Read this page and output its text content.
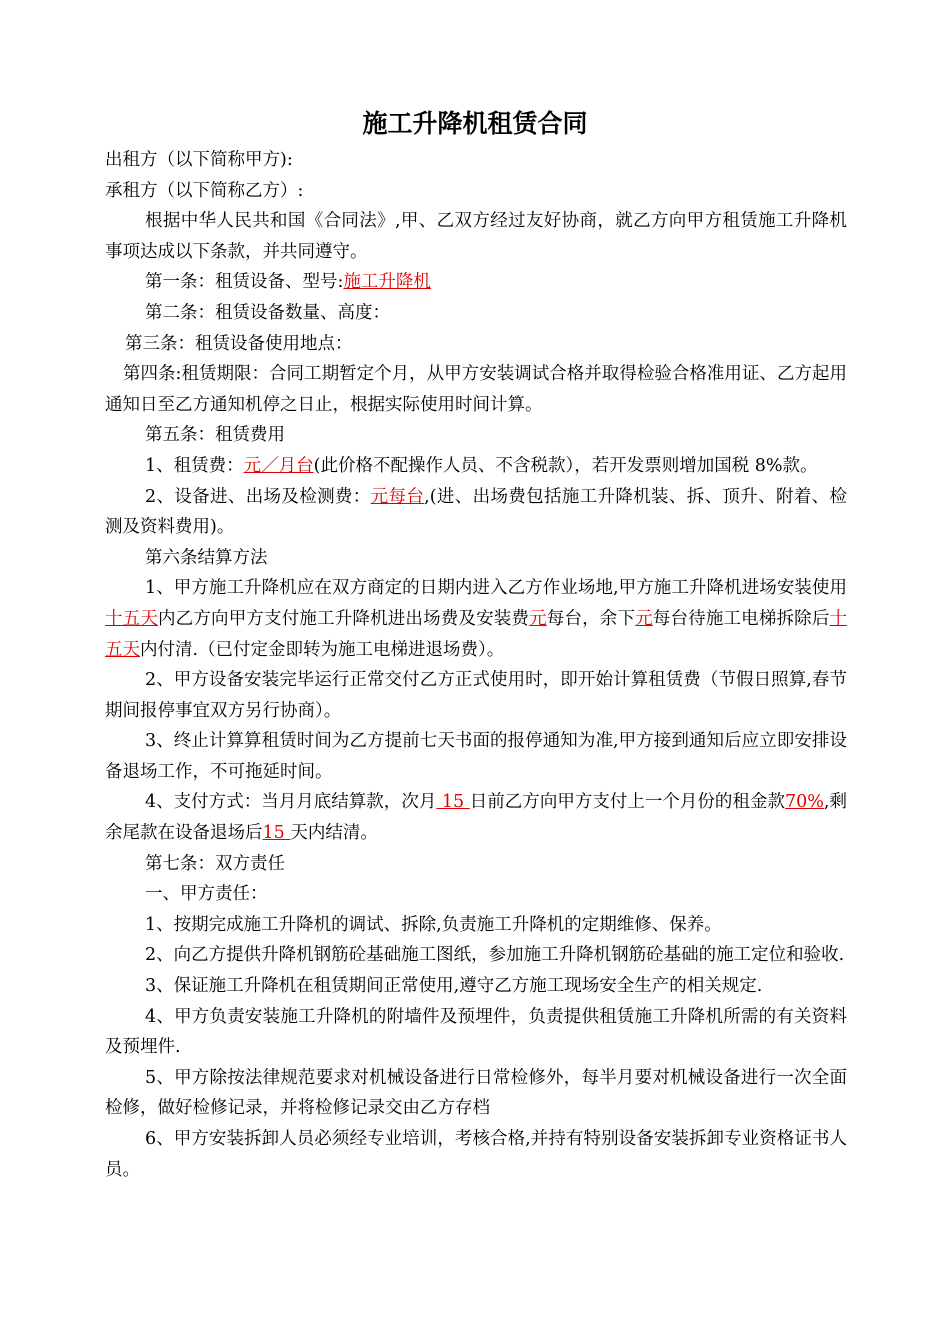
施工升降机租赁合同

出租方（以下简称甲方):

承租方（以下简称乙方）:

根据中华人民共和国《合同法》,甲、乙双方经过友好协商，就乙方向甲方租赁施工升降机事项达成以下条款，并共同遵守。

第一条：租赁设备、型号:施工升降机

第二条：租赁设备数量、高度：

第三条：租赁设备使用地点：

第四条:租赁期限：合同工期暂定个月，从甲方安装调试合格并取得检验合格准用证、乙方起用通知日至乙方通知机停之日止，根据实际使用时间计算。

第五条：租赁费用

1、租赁费：元／月台(此价格不配操作人员、不含税款），若开发票则增加国税 8%款。

2、设备进、出场及检测费：元每台,(进、出场费包括施工升降机装、拆、顶升、附着、检测及资料费用)。

第六条结算方法

1、甲方施工升降机应在双方商定的日期内进入乙方作业场地,甲方施工升降机进场安装使用十五天内乙方向甲方支付施工升降机进出场费及安装费元每台，余下元每台待施工电梯拆除后十五天内付清.（已付定金即转为施工电梯进退场费）。

2、甲方设备安装完毕运行正常交付乙方正式使用时，即开始计算租赁费（节假日照算,春节期间报停事宜双方另行协商）。

3、终止计算算租赁时间为乙方提前七天书面的报停通知为准,甲方接到通知后应立即安排设备退场工作，不可拖延时间。

4、支付方式：当月月底结算款，次月 15 日前乙方向甲方支付上一个月份的租金款70%,剩余尾款在设备退场后15 天内结清。

第七条：双方责任

一、甲方责任：

1、按期完成施工升降机的调试、拆除,负责施工升降机的定期维修、保养。

2、向乙方提供升降机钢筋砼基础施工图纸，参加施工升降机钢筋砼基础的施工定位和验收.

3、保证施工升降机在租赁期间正常使用,遵守乙方施工现场安全生产的相关规定.

4、甲方负责安装施工升降机的附墙件及预埋件，负责提供租赁施工升降机所需的有关资料及预埋件.

5、甲方除按法律规范要求对机械设备进行日常检修外，每半月要对机械设备进行一次全面检修，做好检修记录，并将检修记录交由乙方存档

6、甲方安装拆卸人员必须经专业培训，考核合格,并持有特别设备安装拆卸专业资格证书人员。
